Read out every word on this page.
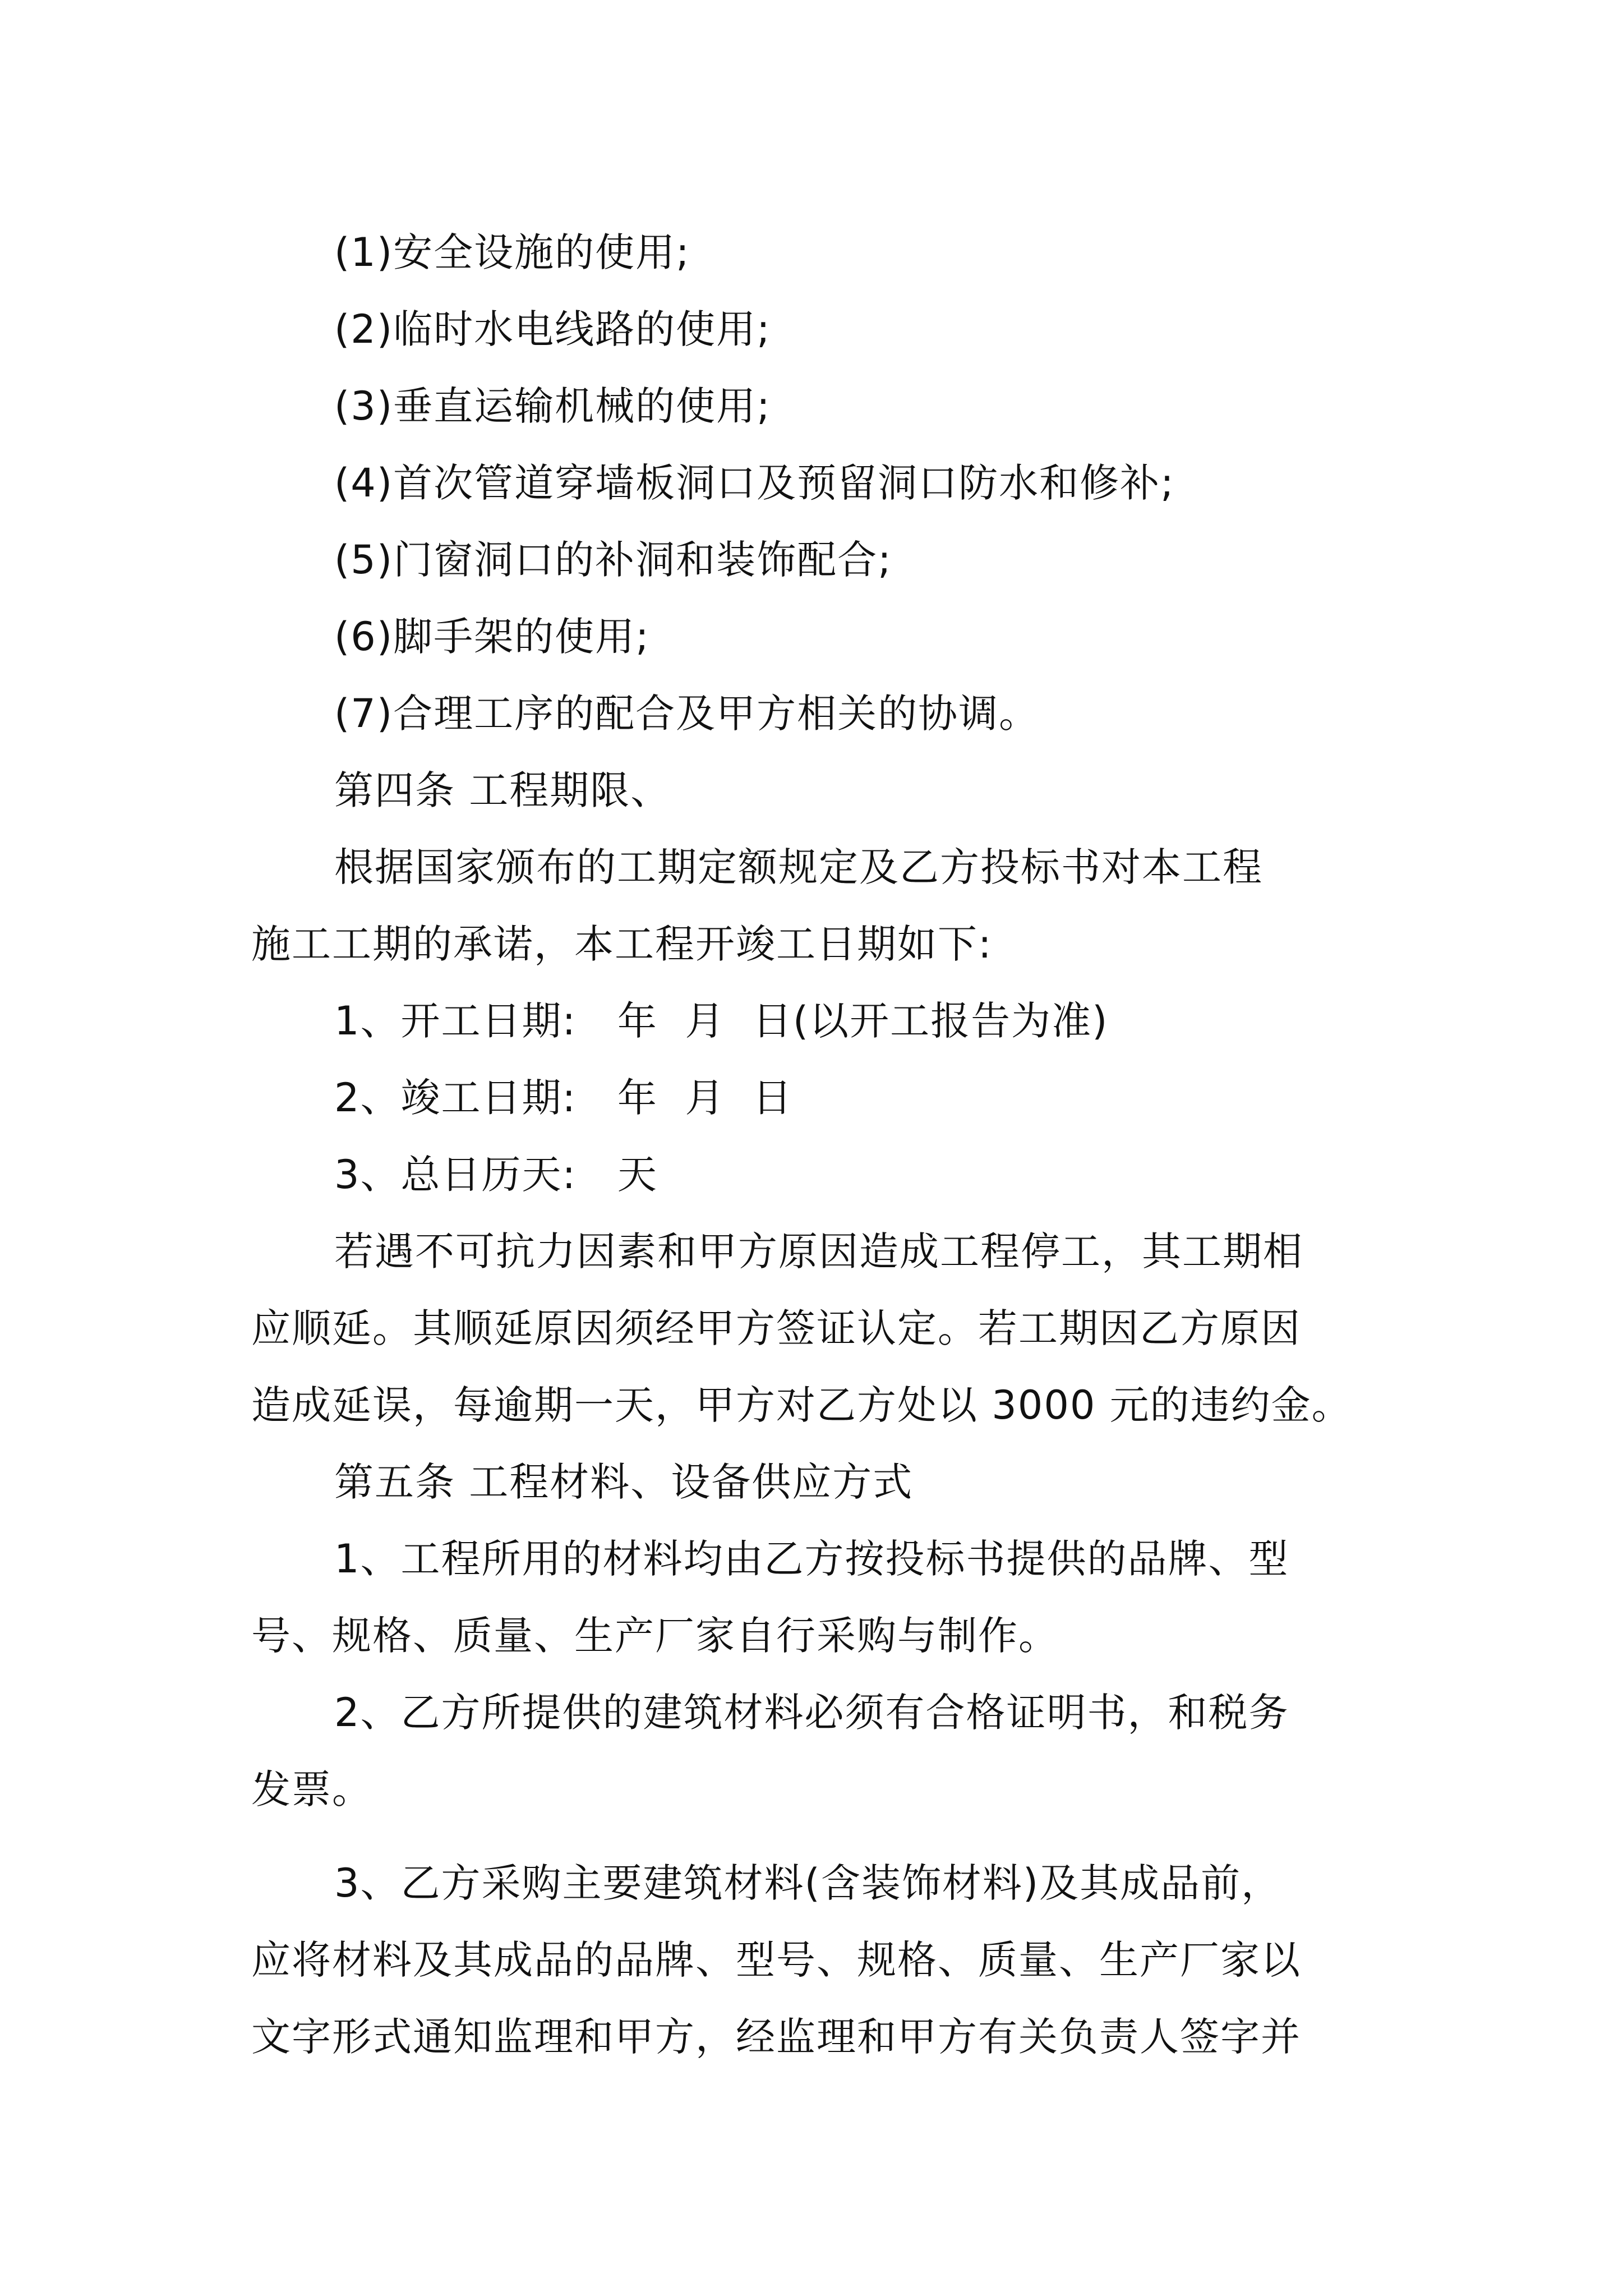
(1)安全设施的使用;
(2)临时水电线路的使用;
(3)垂直运输机械的使用;
(4)首次管道穿墙板洞口及预留洞口防水和修补;
(5)门窗洞口的补洞和装饰配合;
(6)脚手架的使用;
(7)合理工序的配合及甲方相关的协调。
第四条 工程期限、
根据国家颁布的工期定额规定及乙方投标书对本工程
施工工期的承诺，本工程开竣工日期如下:
1、开工日期:   年  月  日(以开工报告为准)
2、竣工日期:   年  月  日
3、总日历天:   天
若遇不可抗力因素和甲方原因造成工程停工，其工期相
应顺延。其顺延原因须经甲方签证认定。若工期因乙方原因
造成延误，每逾期一天，甲方对乙方处以 3000 元的违约金。
第五条 工程材料、设备供应方式
1、工程所用的材料均由乙方按投标书提供的品牌、型
号、规格、质量、生产厂家自行采购与制作。
2、乙方所提供的建筑材料必须有合格证明书，和税务
发票。
3、乙方采购主要建筑材料(含装饰材料)及其成品前，
应将材料及其成品的品牌、型号、规格、质量、生产厂家以
文字形式通知监理和甲方，经监理和甲方有关负责人签字并
